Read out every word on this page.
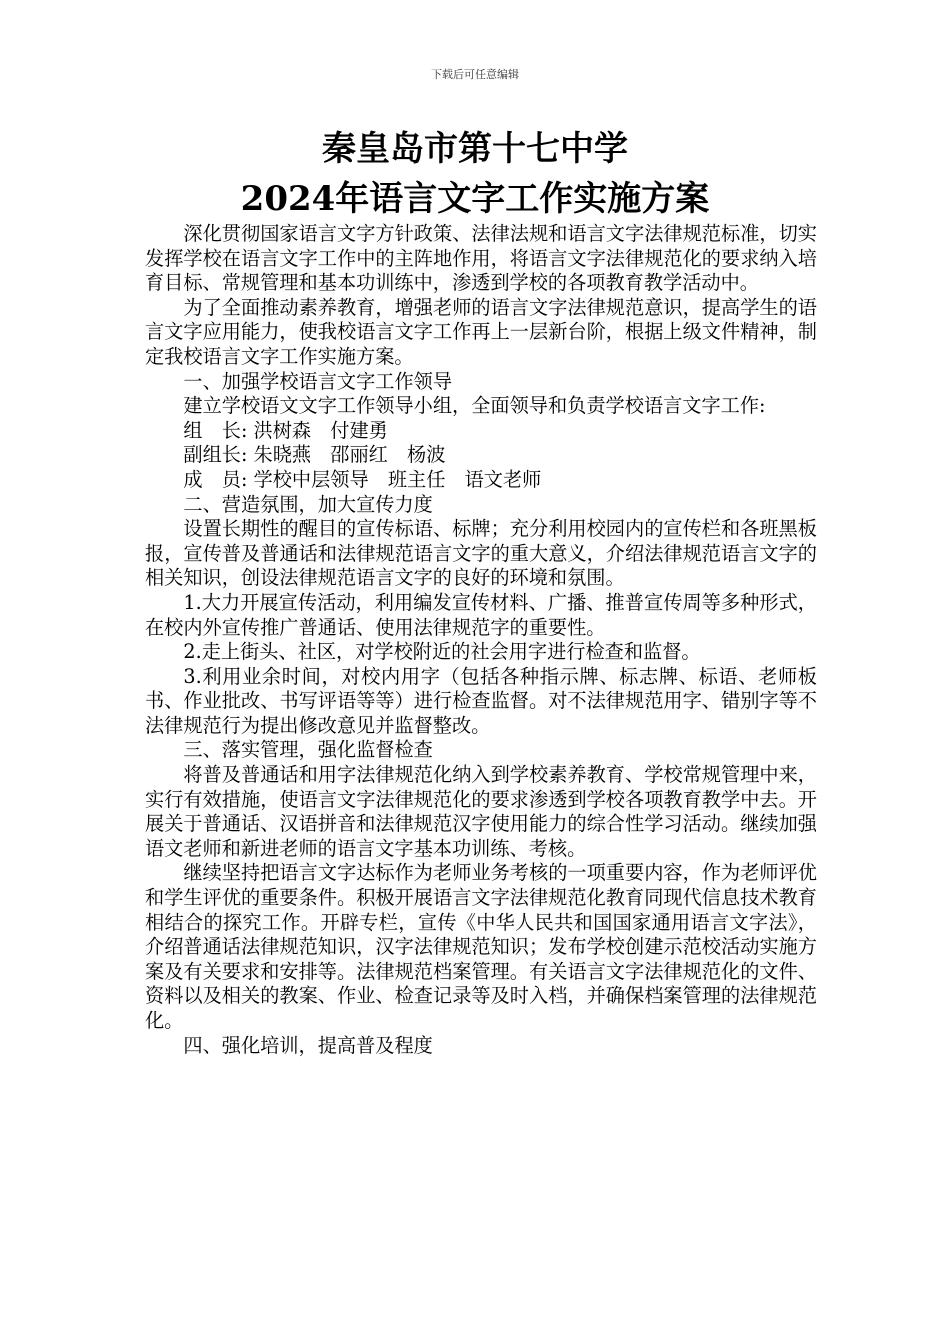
下载后可任意编辑
秦皇岛市第十七中学
2024年语言文字工作实施方案

深化贯彻国家语言文字方针政策、法律法规和语言文字法律规范标准，切实发挥学校在语言文字工作中的主阵地作用，将语言文字法律规范化的要求纳入培育目标、常规管理和基本功训练中，渗透到学校的各项教育教学活动中。

为了全面推动素养教育，增强老师的语言文字法律规范意识，提高学生的语言文字应用能力，使我校语言文字工作再上一层新台阶，根据上级文件精神，制定我校语言文字工作实施方案。

一、加强学校语言文字工作领导

建立学校语文文字工作领导小组，全面领导和负责学校语言文字工作:

组　长: 洪树森　付建勇

副组长: 朱晓燕　邵丽红　杨波

成　员: 学校中层领导　班主任　语文老师

二、营造氛围，加大宣传力度

设置长期性的醒目的宣传标语、标牌；充分利用校园内的宣传栏和各班黑板报，宣传普及普通话和法律规范语言文字的重大意义，介绍法律规范语言文字的相关知识，创设法律规范语言文字的良好的环境和氛围。

1.大力开展宣传活动，利用编发宣传材料、广播、推普宣传周等多种形式，在校内外宣传推广普通话、使用法律规范字的重要性。

2.走上街头、社区，对学校附近的社会用字进行检查和监督。

3.利用业余时间，对校内用字（包括各种指示牌、标志牌、标语、老师板书、作业批改、书写评语等等）进行检查监督。对不法律规范用字、错别字等不法律规范行为提出修改意见并监督整改。

三、落实管理，强化监督检查

将普及普通话和用字法律规范化纳入到学校素养教育、学校常规管理中来，实行有效措施，使语言文字法律规范化的要求渗透到学校各项教育教学中去。开展关于普通话、汉语拼音和法律规范汉字使用能力的综合性学习活动。继续加强语文老师和新进老师的语言文字基本功训练、考核。

继续坚持把语言文字达标作为老师业务考核的一项重要内容，作为老师评优和学生评优的重要条件。积极开展语言文字法律规范化教育同现代信息技术教育相结合的探究工作。开辟专栏，宣传《中华人民共和国国家通用语言文字法》，介绍普通话法律规范知识，汉字法律规范知识；发布学校创建示范校活动实施方案及有关要求和安排等。法律规范档案管理。有关语言文字法律规范化的文件、资料以及相关的教案、作业、检查记录等及时入档，并确保档案管理的法律规范化。

四、强化培训，提高普及程度
